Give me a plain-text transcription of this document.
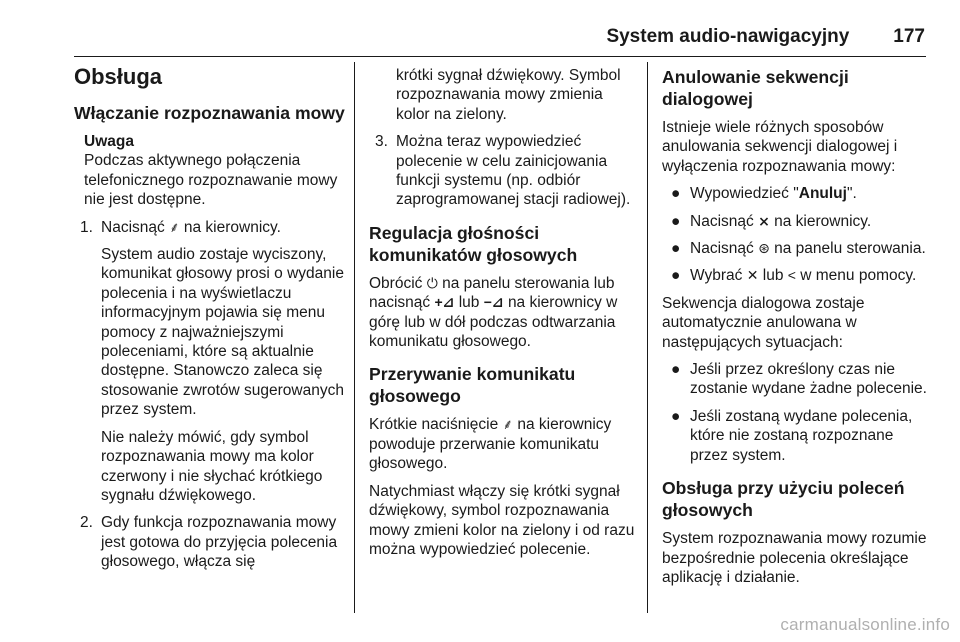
System audio-nawigacyjny 177
Obsługa
Włączanie rozpoznawania mowy
Uwaga
Podczas aktywnego połączenia telefonicznego rozpoznawanie mowy nie jest dostępne.
1. Nacisnąć ⸙ na kierownicy.
System audio zostaje wyciszony, komunikat głosowy prosi o wydanie polecenia i na wyświetlaczu informacyjnym pojawia się menu pomocy z najważniejszymi poleceniami, które są aktualnie dostępne. Stanowczo zaleca się stosowanie zwrotów sugerowanych przez system.
Nie należy mówić, gdy symbol rozpoznawania mowy ma kolor czerwony i nie słychać krótkiego sygnału dźwiękowego.
2. Gdy funkcja rozpoznawania mowy jest gotowa do przyjęcia polecenia głosowego, włącza się
krótki sygnał dźwiękowy. Symbol rozpoznawania mowy zmienia kolor na zielony.
3. Można teraz wypowiedzieć polecenie w celu zainicjowania funkcji systemu (np. odbiór zaprogramowanej stacji radiowej).
Regulacja głośności komunikatów głosowych
Obrócić ⏻ na panelu sterowania lub nacisnąć +⊿ lub −⊿ na kierownicy w górę lub w dół podczas odtwarzania komunikatu głosowego.
Przerywanie komunikatu głosowego
Krótkie naciśnięcie ⸙ na kierownicy powoduje przerwanie komunikatu głosowego.
Natychmiast włączy się krótki sygnał dźwiękowy, symbol rozpoznawania mowy zmieni kolor na zielony i od razu można wypowiedzieć polecenie.
Anulowanie sekwencji dialogowej
Istnieje wiele różnych sposobów anulowania sekwencji dialogowej i wyłączenia rozpoznawania mowy:
● Wypowiedzieć "Anuluj".
● Nacisnąć ⨯ na kierownicy.
● Nacisnąć ⊛ na panelu sterowania.
● Wybrać ✕ lub < w menu pomocy.
Sekwencja dialogowa zostaje automatycznie anulowana w następujących sytuacjach:
● Jeśli przez określony czas nie zostanie wydane żadne polecenie.
● Jeśli zostaną wydane polecenia, które nie zostaną rozpoznane przez system.
Obsługa przy użyciu poleceń głosowych
System rozpoznawania mowy rozumie bezpośrednie polecenia określające aplikację i działanie.
carmanualsonline.info
